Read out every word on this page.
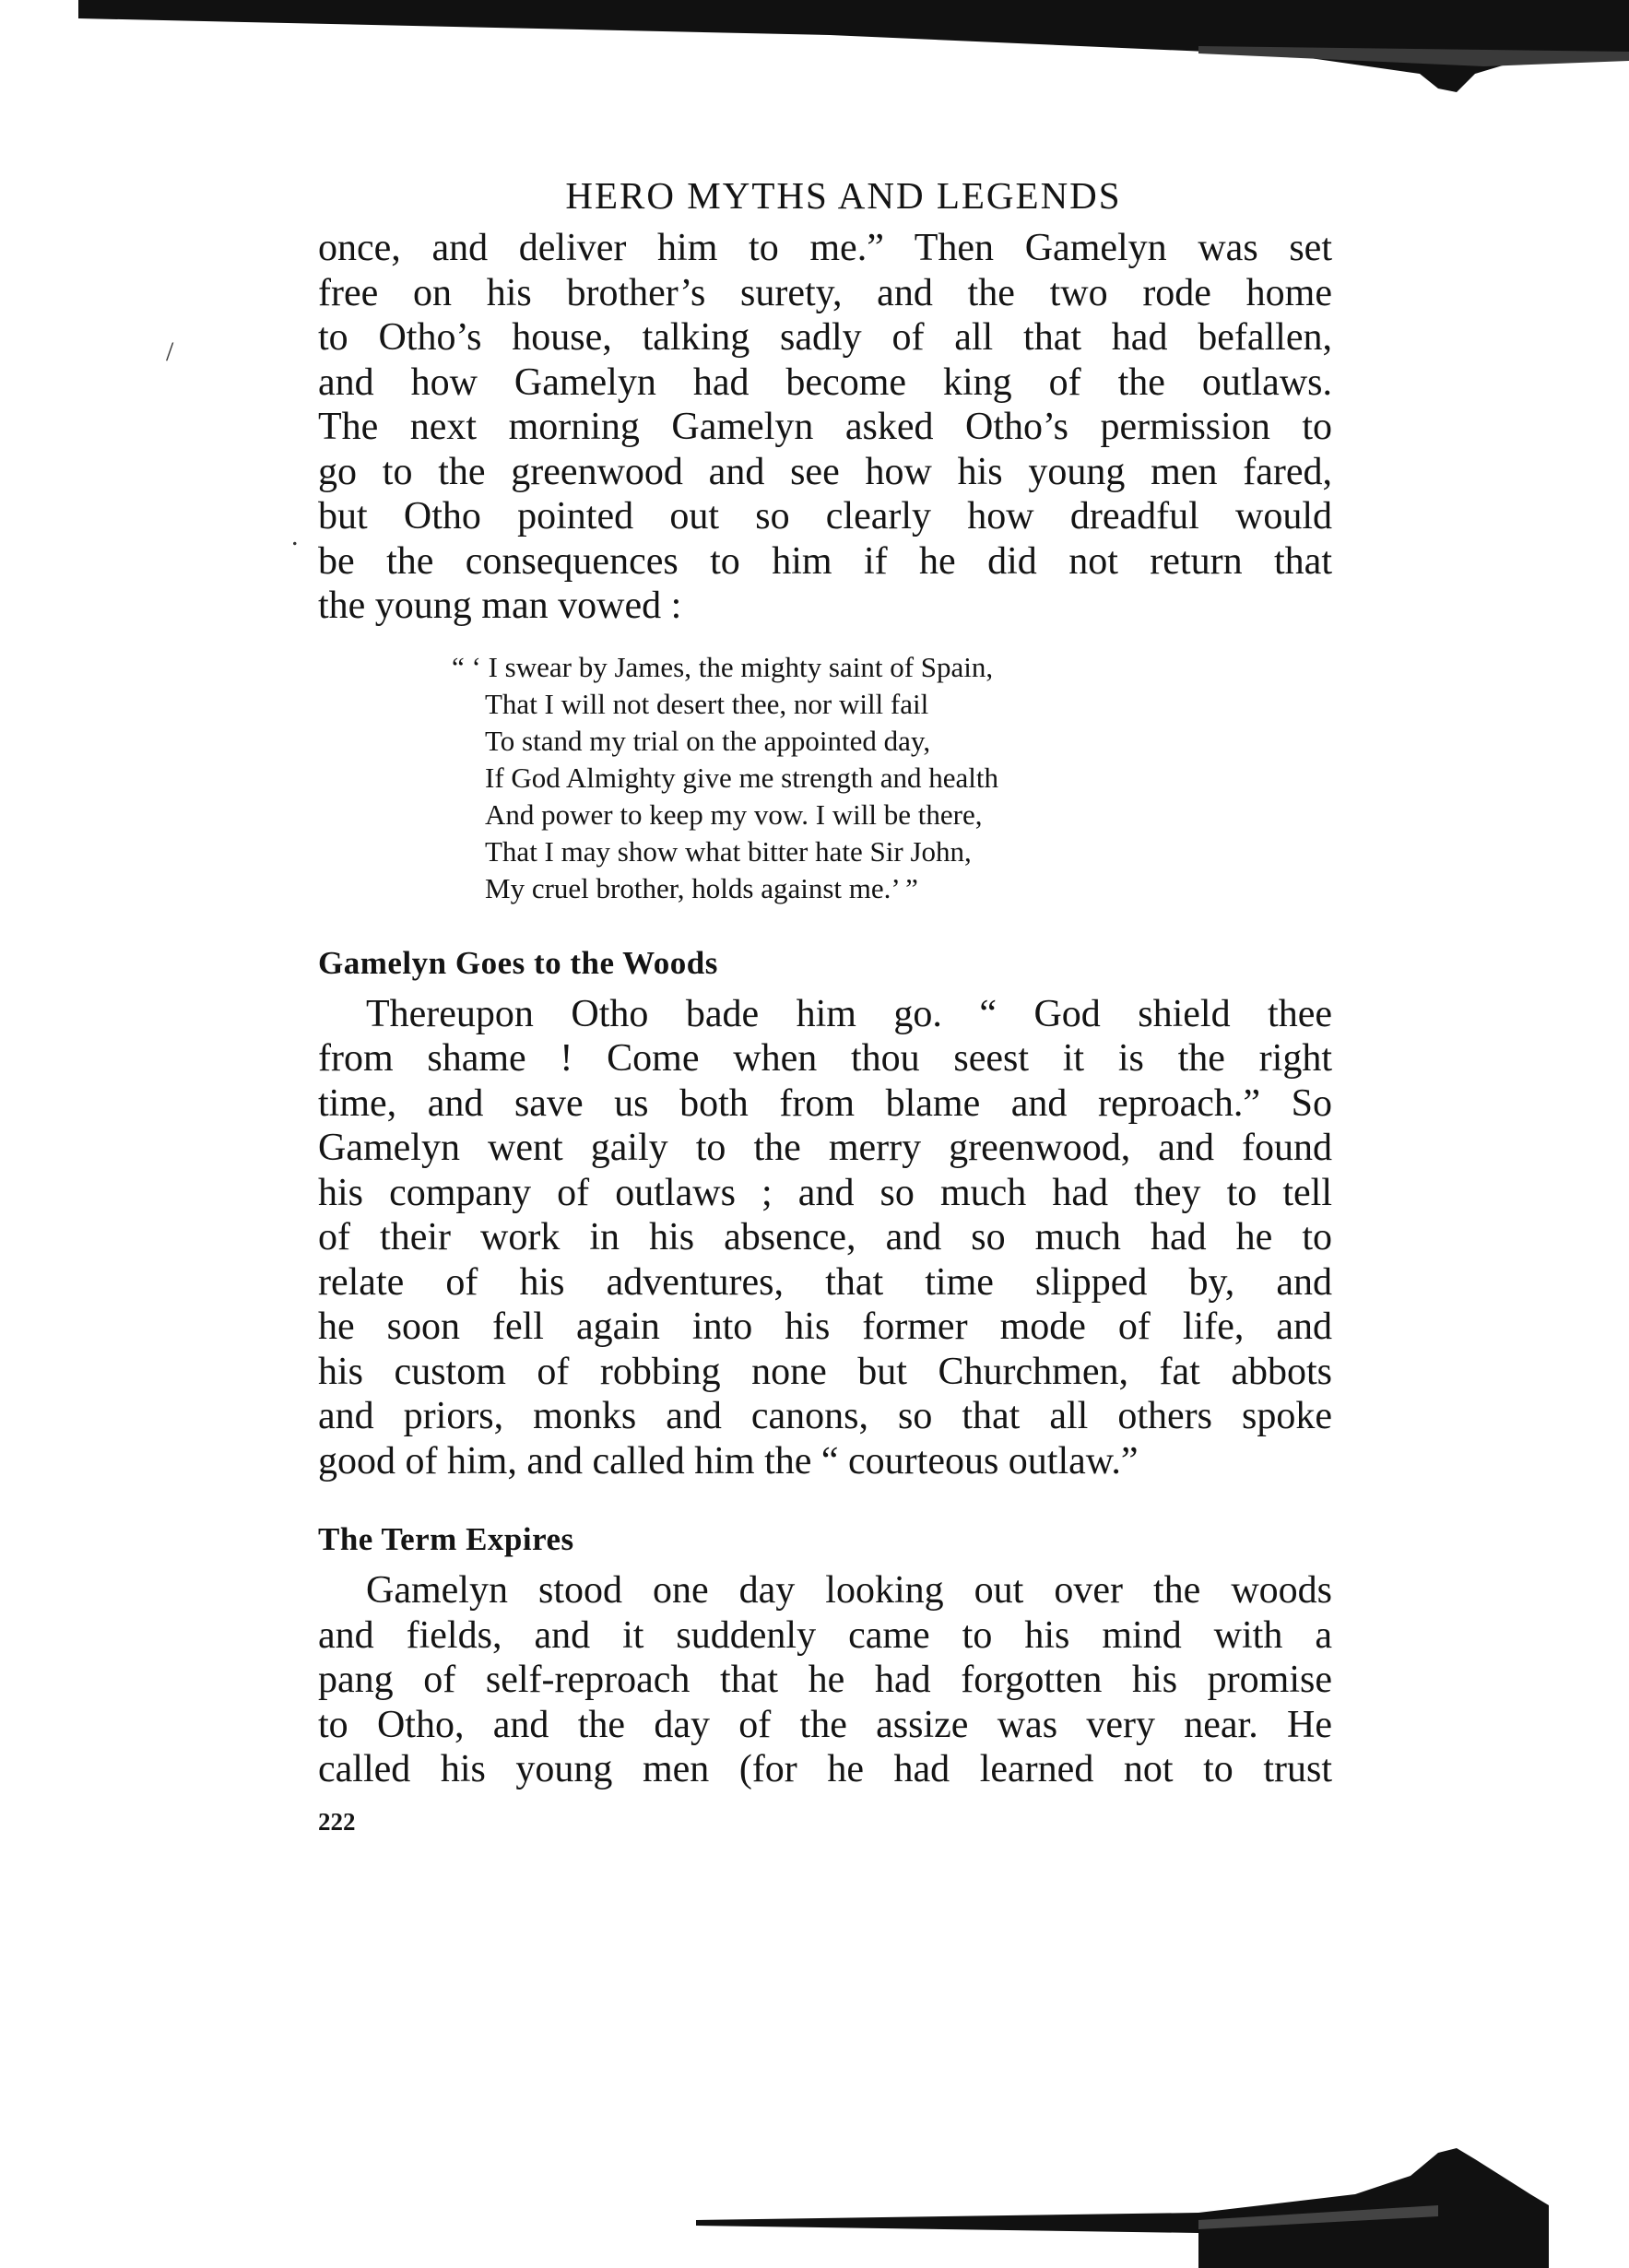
/
.
HERO MYTHS AND LEGENDS
once, and deliver him to me.” Then Gamelyn was set
free on his brother’s surety, and the two rode home
to Otho’s house, talking sadly of all that had befallen,
and how Gamelyn had become king of the outlaws.
The next morning Gamelyn asked Otho’s permission to
go to the greenwood and see how his young men fared,
but Otho pointed out so clearly how dreadful would
be the consequences to him if he did not return that
the young man vowed :
“ ‘ I swear by James, the mighty saint of Spain,
That I will not desert thee, nor will fail
To stand my trial on the appointed day,
If God Almighty give me strength and health
And power to keep my vow. I will be there,
That I may show what bitter hate Sir John,
My cruel brother, holds against me.’ ”
Gamelyn Goes to the Woods
Thereupon Otho bade him go. “ God shield thee
from shame ! Come when thou seest it is the right
time, and save us both from blame and reproach.” So
Gamelyn went gaily to the merry greenwood, and found
his company of outlaws ; and so much had they to tell
of their work in his absence, and so much had he to
relate of his adventures, that time slipped by, and
he soon fell again into his former mode of life, and
his custom of robbing none but Churchmen, fat abbots
and priors, monks and canons, so that all others spoke
good of him, and called him the “ courteous outlaw.”
The Term Expires
Gamelyn stood one day looking out over the woods
and fields, and it suddenly came to his mind with a
pang of self-reproach that he had forgotten his promise
to Otho, and the day of the assize was very near. He
called his young men (for he had learned not to trust
222
